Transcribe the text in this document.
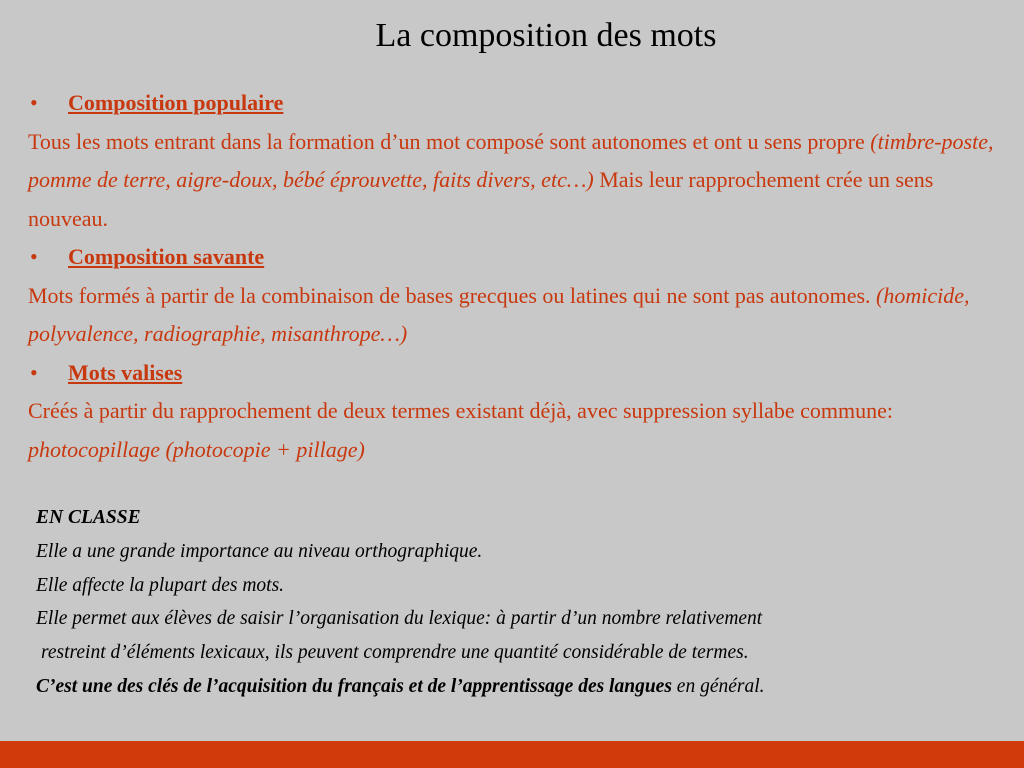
La composition des mots
•	Composition populaire

Tous les mots entrant dans la formation d’un mot composé sont autonomes et ont u sens propre (timbre-poste, pomme de terre, aigre-doux, bébé éprouvette, faits divers, etc…) Mais leur rapprochement crée un sens nouveau.

•	Composition savante

Mots formés à partir de la combinaison de bases grecques ou latines qui ne sont pas autonomes. (homicide, polyvalence, radiographie, misanthrope…)

•	Mots valises

Créés à partir du rapprochement de deux termes existant déjà, avec suppression syllabe commune: photocopillage (photocopie + pillage)

EN CLASSE
Elle a une grande importance au niveau orthographique.
Elle affecte la plupart des mots.
Elle permet aux élèves de saisir l’organisation du lexique: à partir d’un nombre relativement
restreint d’éléments lexicaux, ils peuvent comprendre une quantité considérable de termes.
C’est une des clés de l’acquisition du français et de l’apprentissage des langues en général.
